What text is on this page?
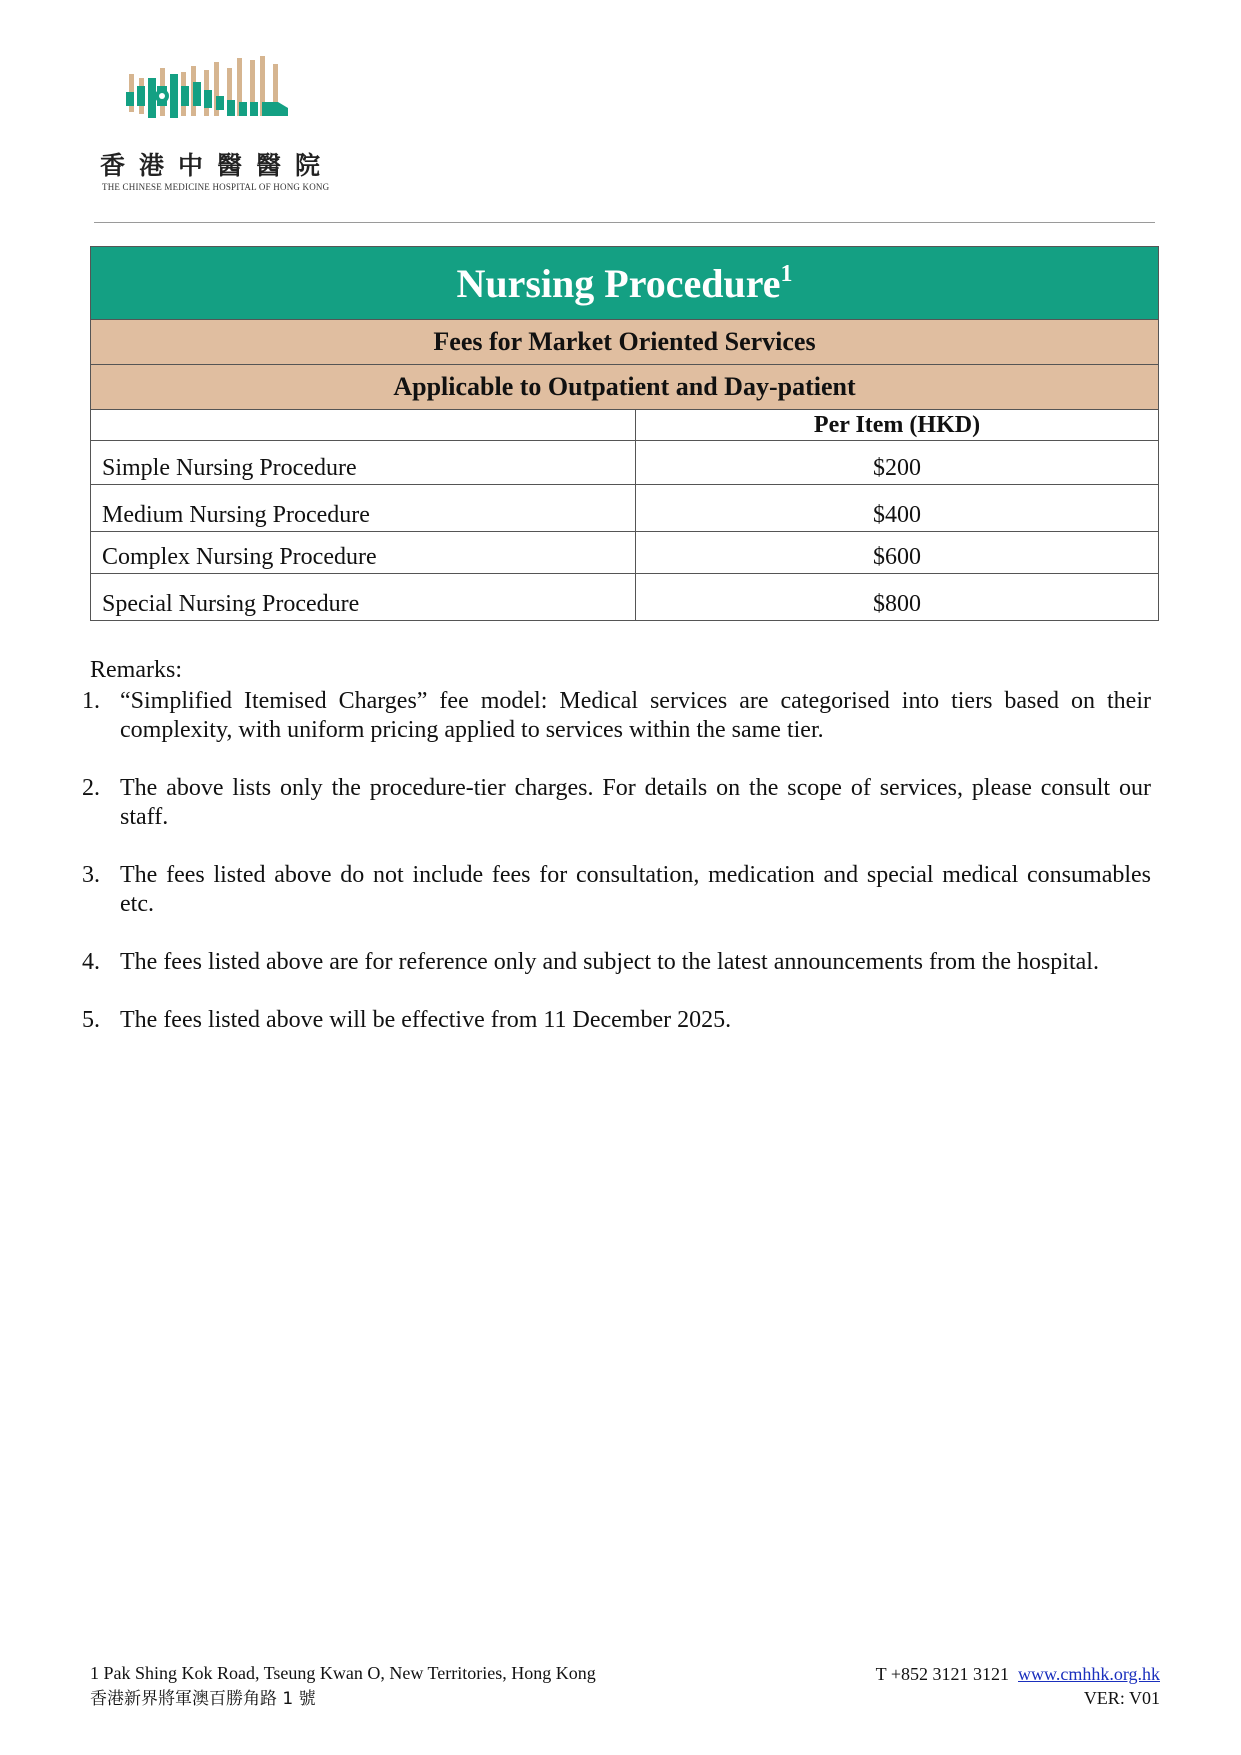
香港中醫醫院
THE CHINESE MEDICINE HOSPITAL OF HONG KONG
Nursing Procedure$^1$
Fees for Market Oriented Services	
Applicable to Outpatient and Day-patient	
	Per Item (HKD)
Simple Nursing Procedure	$200
Medium Nursing Procedure	$400
Complex Nursing Procedure	$600
Special Nursing Procedure	$800
Remarks:
1. “Simplified Itemised Charges” fee model: Medical services are categorised into tiers based on their complexity, with uniform pricing applied to services within the same tier.
2. The above lists only the procedure-tier charges. For details on the scope of services, please consult our staff.
3. The fees listed above do not include fees for consultation, medication and special medical consumables etc.
4. The fees listed above are for reference only and subject to the latest announcements from the hospital.
5. The fees listed above will be effective from 11 December 2025.
1 Pak Shing Kok Road, Tseung Kwan O, New Territories, Hong Kong
香港新界將軍澳百勝角路 1 號
T +852 3121 3121 www.cmhhk.org.hk
VER: V01
